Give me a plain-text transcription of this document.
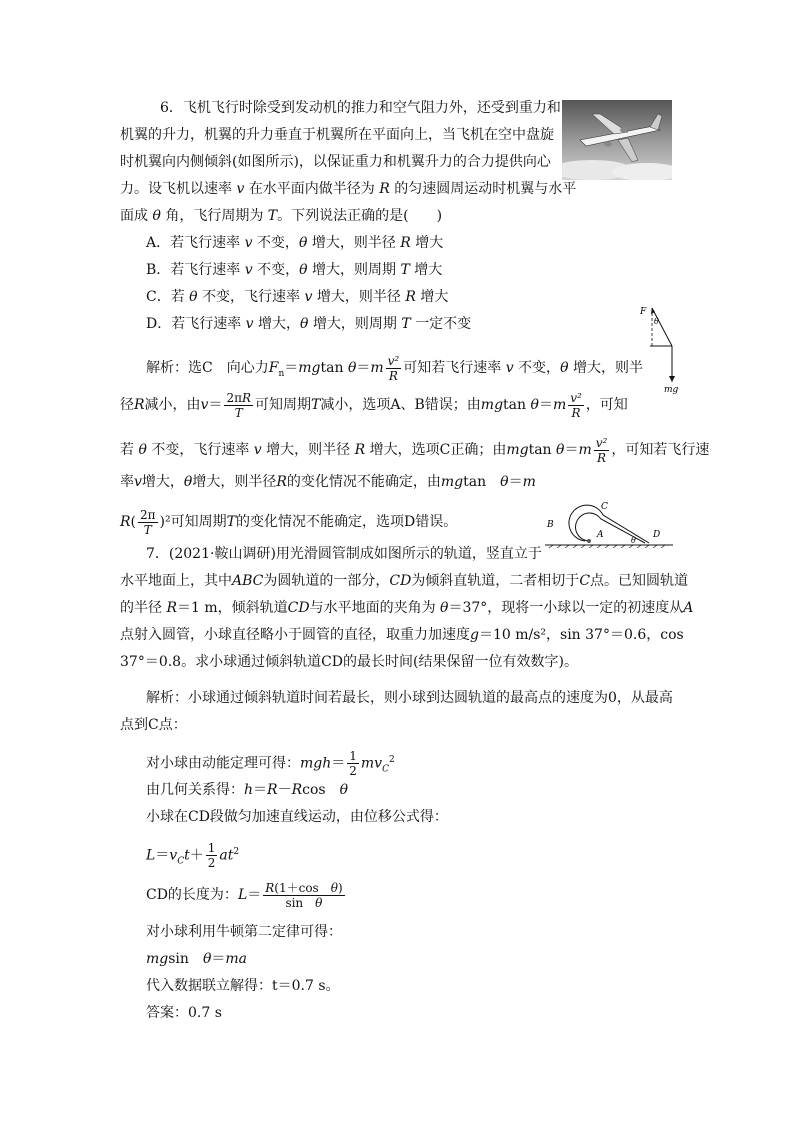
6．飞机飞行时除受到发动机的推力和空气阻力外，还受到重力和
机翼的升力，机翼的升力垂直于机翼所在平面向上，当飞机在空中盘旋
时机翼向内侧倾斜(如图所示)，以保证重力和机翼升力的合力提供向心
力。设飞机以速率 v 在水平面内做半径为 R 的匀速圆周运动时机翼与水平
面成 θ 角，飞行周期为 T。下列说法正确的是(　　)
A．若飞行速率 v 不变，θ 增大，则半径 R 增大
B．若飞行速率 v 不变，θ 增大，则周期 T 增大
C．若 θ 不变，飞行速率 v 增大，则半径 R 增大
D．若飞行速率 v 增大，θ 增大，则周期 T 一定不变
F
θ
mg
解析：选C　向心力$F_n=mgtan$ $\theta=m \frac{\text{v²}}{R}$ 可知若飞行速率 v 不变，θ 增大，则半
径R减小，由$v= \frac{2\pi R}{T}$ 可知周期T减小，选项A、B错误；由mgtan $\theta=m \frac{\text{v²}}{R}$ ，可知
若 θ 不变，飞行速率 v 增大，则半径 R 增大，选项C正确；由mgtan $\theta=m \frac{\text{v²}}{R}$ ，可知若飞行速
率v增大，θ增大，则半径R的变化情况不能确定，由mgtan　θ＝m
$R( \frac{2\pi}{T} )^2$可知周期T的变化情况不能确定，选项D错误。
A
B
C
D
θ
7．(2021·鞍山调研)用光滑圆管制成如图所示的轨道，竖直立于
水平地面上，其中ABC为圆轨道的一部分，CD为倾斜直轨道，二者相切于C点。已知圆轨道
的半径 R＝1 m，倾斜轨道CD与水平地面的夹角为 θ＝37°，现将一小球以一定的初速度从A
点射入圆管，小球直径略小于圆管的直径，取重力加速度g＝10 m/s²，sin 37°＝0.6，cos
37°＝0.8。求小球通过倾斜轨道CD的最长时间(结果保留一位有效数字)。
解析：小球通过倾斜轨道时间若最长，则小球到达圆轨道的最高点的速度为0，从最高
点到C点：
对小球由动能定理可得：$mgh= \frac{1}{2} mv_C^2$
由几何关系得：h＝R－Rcos　θ
小球在CD段做匀加速直线运动，由位移公式得：
$L=v_Ct+ \frac{1}{2} at^2$
CD的长度为：$L= \frac{\text{R(1＋cos　θ)}}{\text{sin　θ}}$
对小球利用牛顿第二定律可得：
mgsin　θ＝ma
代入数据联立解得：t＝0.7 s。
答案：0.7 s
